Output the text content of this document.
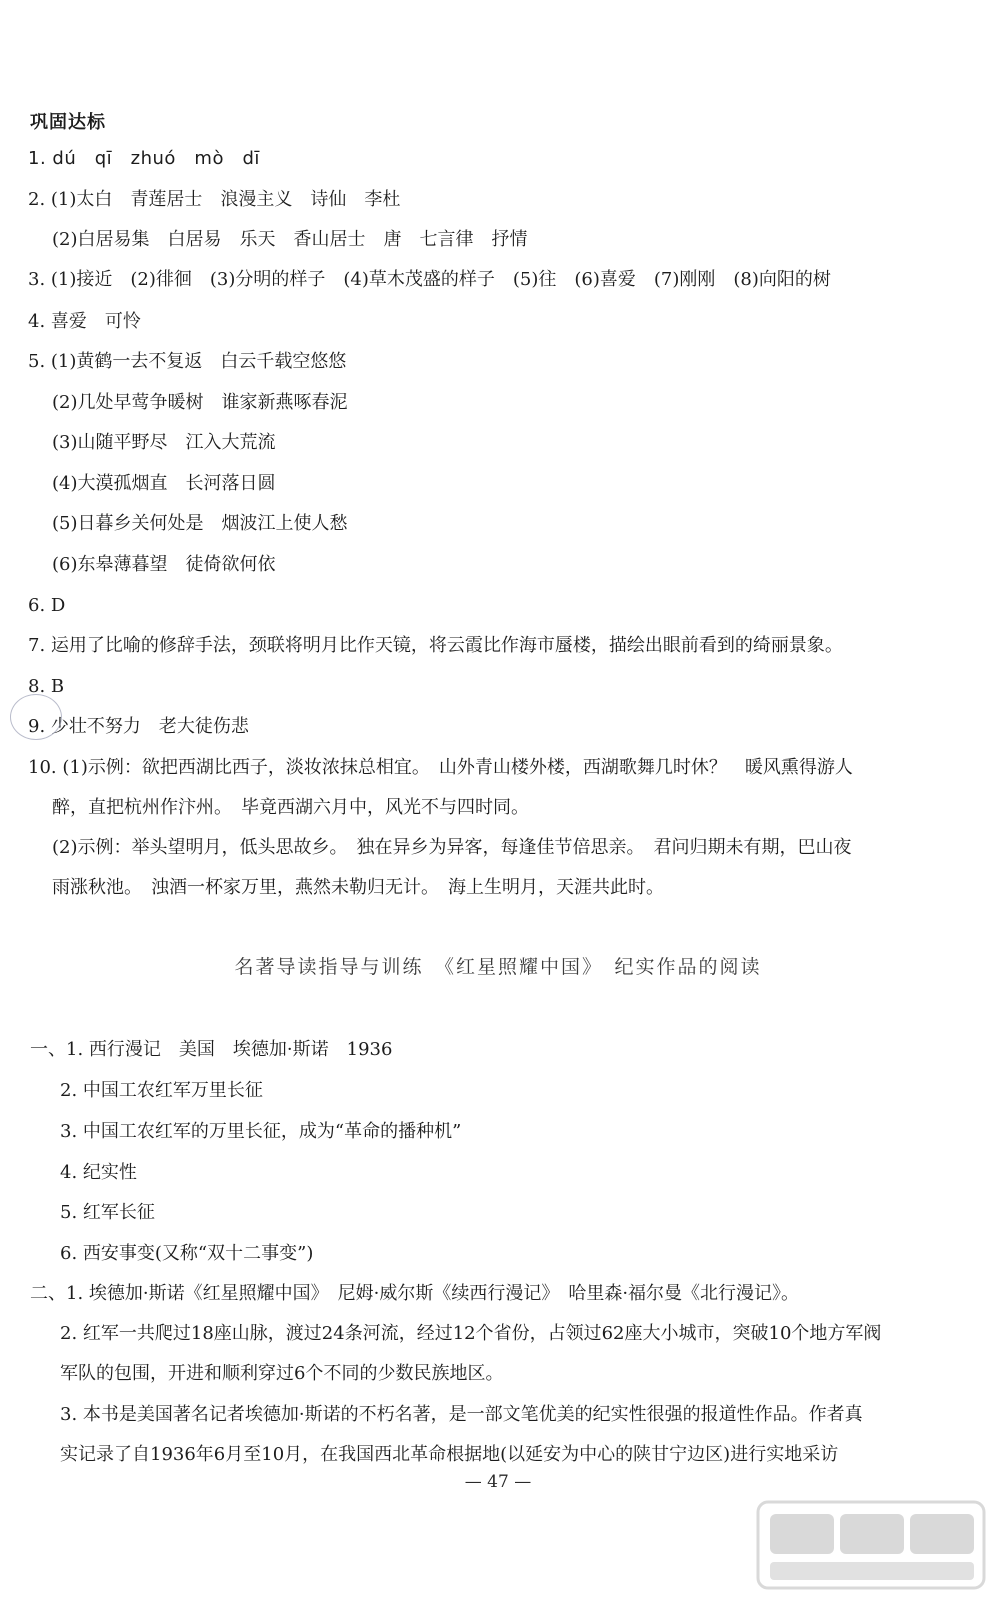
巩固达标
1. dú　qī　zhuó　mò　dī
2. (1)太白　青莲居士　浪漫主义　诗仙　李杜
(2)白居易集　白居易　乐天　香山居士　唐　七言律　抒情
3. (1)接近　(2)徘徊　(3)分明的样子　(4)草木茂盛的样子　(5)往　(6)喜爱　(7)刚刚　(8)向阳的树
4. 喜爱　可怜
5. (1)黄鹤一去不复返　白云千载空悠悠
(2)几处早莺争暖树　谁家新燕啄春泥
(3)山随平野尽　江入大荒流
(4)大漠孤烟直　长河落日圆
(5)日暮乡关何处是　烟波江上使人愁
(6)东皋薄暮望　徒倚欲何依
6. D
7. 运用了比喻的修辞手法，颈联将明月比作天镜，将云霞比作海市蜃楼，描绘出眼前看到的绮丽景象。
8. B
9. 少壮不努力　老大徒伤悲
10. (1)示例：欲把西湖比西子，淡妆浓抹总相宜。　山外青山楼外楼，西湖歌舞几时休？　暖风熏得游人
醉，直把杭州作汴州。　毕竟西湖六月中，风光不与四时同。
(2)示例：举头望明月，低头思故乡。　独在异乡为异客，每逢佳节倍思亲。　君问归期未有期，巴山夜
雨涨秋池。　浊酒一杯家万里，燕然未勒归无计。　海上生明月，天涯共此时。
名著导读指导与训练　《红星照耀中国》　纪实作品的阅读
一、1. 西行漫记　美国　埃德加·斯诺　1936
2. 中国工农红军万里长征
3. 中国工农红军的万里长征，成为“革命的播种机”
4. 纪实性
5. 红军长征
6. 西安事变(又称“双十二事变”)
二、1. 埃德加·斯诺《红星照耀中国》　尼姆·威尔斯《续西行漫记》　哈里森·福尔曼《北行漫记》。
2. 红军一共爬过18座山脉，渡过24条河流，经过12个省份，占领过62座大小城市，突破10个地方军阀
军队的包围，开进和顺利穿过6个不同的少数民族地区。
3. 本书是美国著名记者埃德加·斯诺的不朽名著，是一部文笔优美的纪实性很强的报道性作品。作者真
实记录了自1936年6月至10月，在我国西北革命根据地(以延安为中心的陕甘宁边区)进行实地采访
— 47 —
